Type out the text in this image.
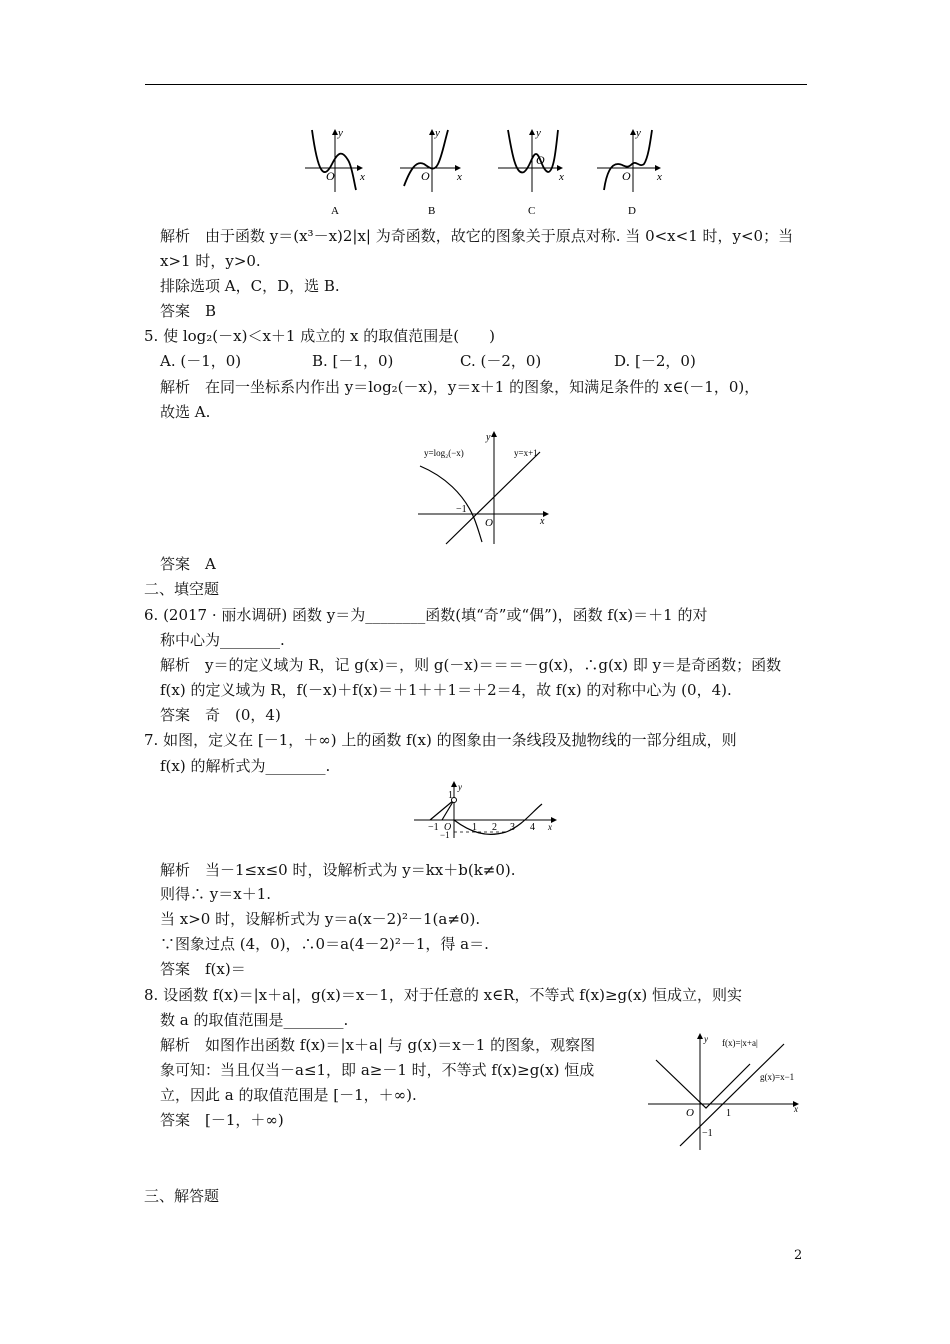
y
x
O
y
x
O
y
x
O
y
x
O
A	B	C	D
解析　由于函数 y＝(x³－x)2|x| 为奇函数，故它的图象关于原点对称. 当 0<x<1 时，y<0；当
x>1 时，y>0.
排除选项 A，C，D，选 B.
答案　B
5. 使 log₂(－x)＜x＋1 成立的 x 的取值范围是(　　)
A. (－1，0)	B. [－1，0)	C. (－2，0)	D. [－2，0)
解析　在同一坐标系内作出 y＝log₂(－x)，y＝x＋1 的图象，知满足条件的 x∈(－1，0)，
故选 A.
y=log₂(−x)	y=x+1
−1
O	x
y
答案　A
二、填空题
6. (2017 · 丽水调研) 函数 y＝为________函数(填“奇”或“偶”)，函数 f(x)＝＋1 的对
称中心为________.
解析　y＝的定义域为 R，记 g(x)＝，则 g(－x)＝＝＝－g(x)，∴g(x) 即 y＝是奇函数；函数
f(x) 的定义域为 R，f(－x)＋f(x)＝＋1＋＋1＝＋2＝4，故 f(x) 的对称中心为 (0，4).
答案　奇　(0，4)
7. 如图，定义在 [－1，＋∞) 上的函数 f(x) 的图象由一条线段及抛物线的一部分组成，则
f(x) 的解析式为________.
1
y
−1 O
−1
1 2 3 4 x
解析　当－1≤x≤0 时，设解析式为 y＝kx＋b(k≠0).
则得∴ y＝x＋1.
当 x>0 时，设解析式为 y＝a(x－2)²－1(a≠0).
∵图象过点 (4，0)，∴0＝a(4－2)²－1，得 a＝.
答案　f(x)＝
8. 设函数 f(x)＝|x＋a|，g(x)＝x－1，对于任意的 x∈R，不等式 f(x)≥g(x) 恒成立，则实
数 a 的取值范围是________.
解析　如图作出函数 f(x)＝|x＋a| 与 g(x)＝x－1 的图象，观察图
象可知：当且仅当－a≤1，即 a≥－1 时，不等式 f(x)≥g(x) 恒成
立，因此 a 的取值范围是 [－1，＋∞).
答案　[－1，＋∞)
f(x)=|x+a|
g(x)=x−1
O	1
−1
x
y
三、解答题
2
